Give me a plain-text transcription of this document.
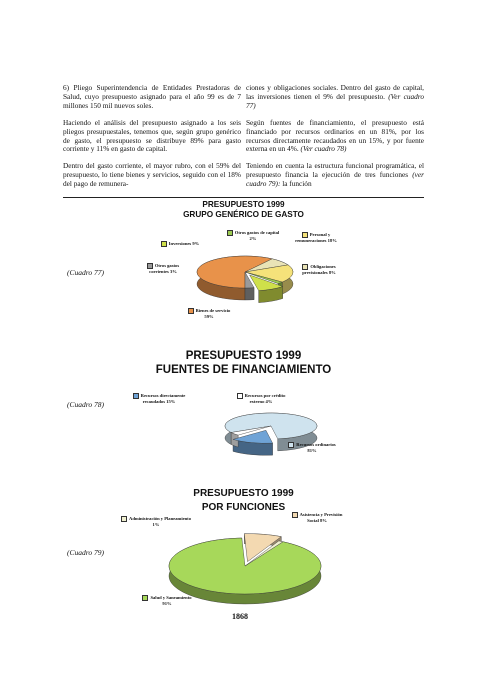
6) Pliego Superintendencia de Entidades Prestadoras de Salud, cuyo presupuesto asignado para el año 99 es de 7 millones 150 mil nuevos soles.

Haciendo el análisis del presupuesto asignado a los seis pliegos presupuestales, tenemos que, según grupo genérico de gasto, el presupuesto se distribuye 89% para gasto corriente y 11% en gasto de capital.

Dentro del gasto corriente, el mayor rubro, con el 59% del presupuesto, lo tiene bienes y servicios, seguido con el 18% del pago de remunera-

ciones y obligaciones sociales. Dentro del gasto de capital, las inversiones tienen el 9% del presupuesto. (Ver cuadro 77)

Según fuentes de financiamiento, el presupuesto está financiado por recursos ordinarios en un 81%, por los recursos directamente recaudados en un 15%, y por fuente externa en un 4%. (Ver cuadro 78)

Teniendo en cuenta la estructura funcional programática, el presupuesto financia la ejecución de tres funciones (ver cuadro 79): la función

PRESUPUESTO 1999
GRUPO GENÉRICO DE GASTO
(Cuadro 77)
Otros gastos de capital 2%
Inversiones 9%
Personal y remuneraciones 18%
Otros gastos corrientes 3%
Obligaciones previsionales 8%
Bienes de servicio 59%
PRESUPUESTO 1999
FUENTES DE FINANCIAMIENTO
(Cuadro 78)
Recursos directamente recaudados 15%
Recursos por crédito externo 4%
Recursos ordinarios 81%
PRESUPUESTO 1999
POR FUNCIONES
(Cuadro 79)
Administración y Planeamiento 1%
Asistencia y Previsión Social 8%
Salud y Saneamiento 91%
1868
